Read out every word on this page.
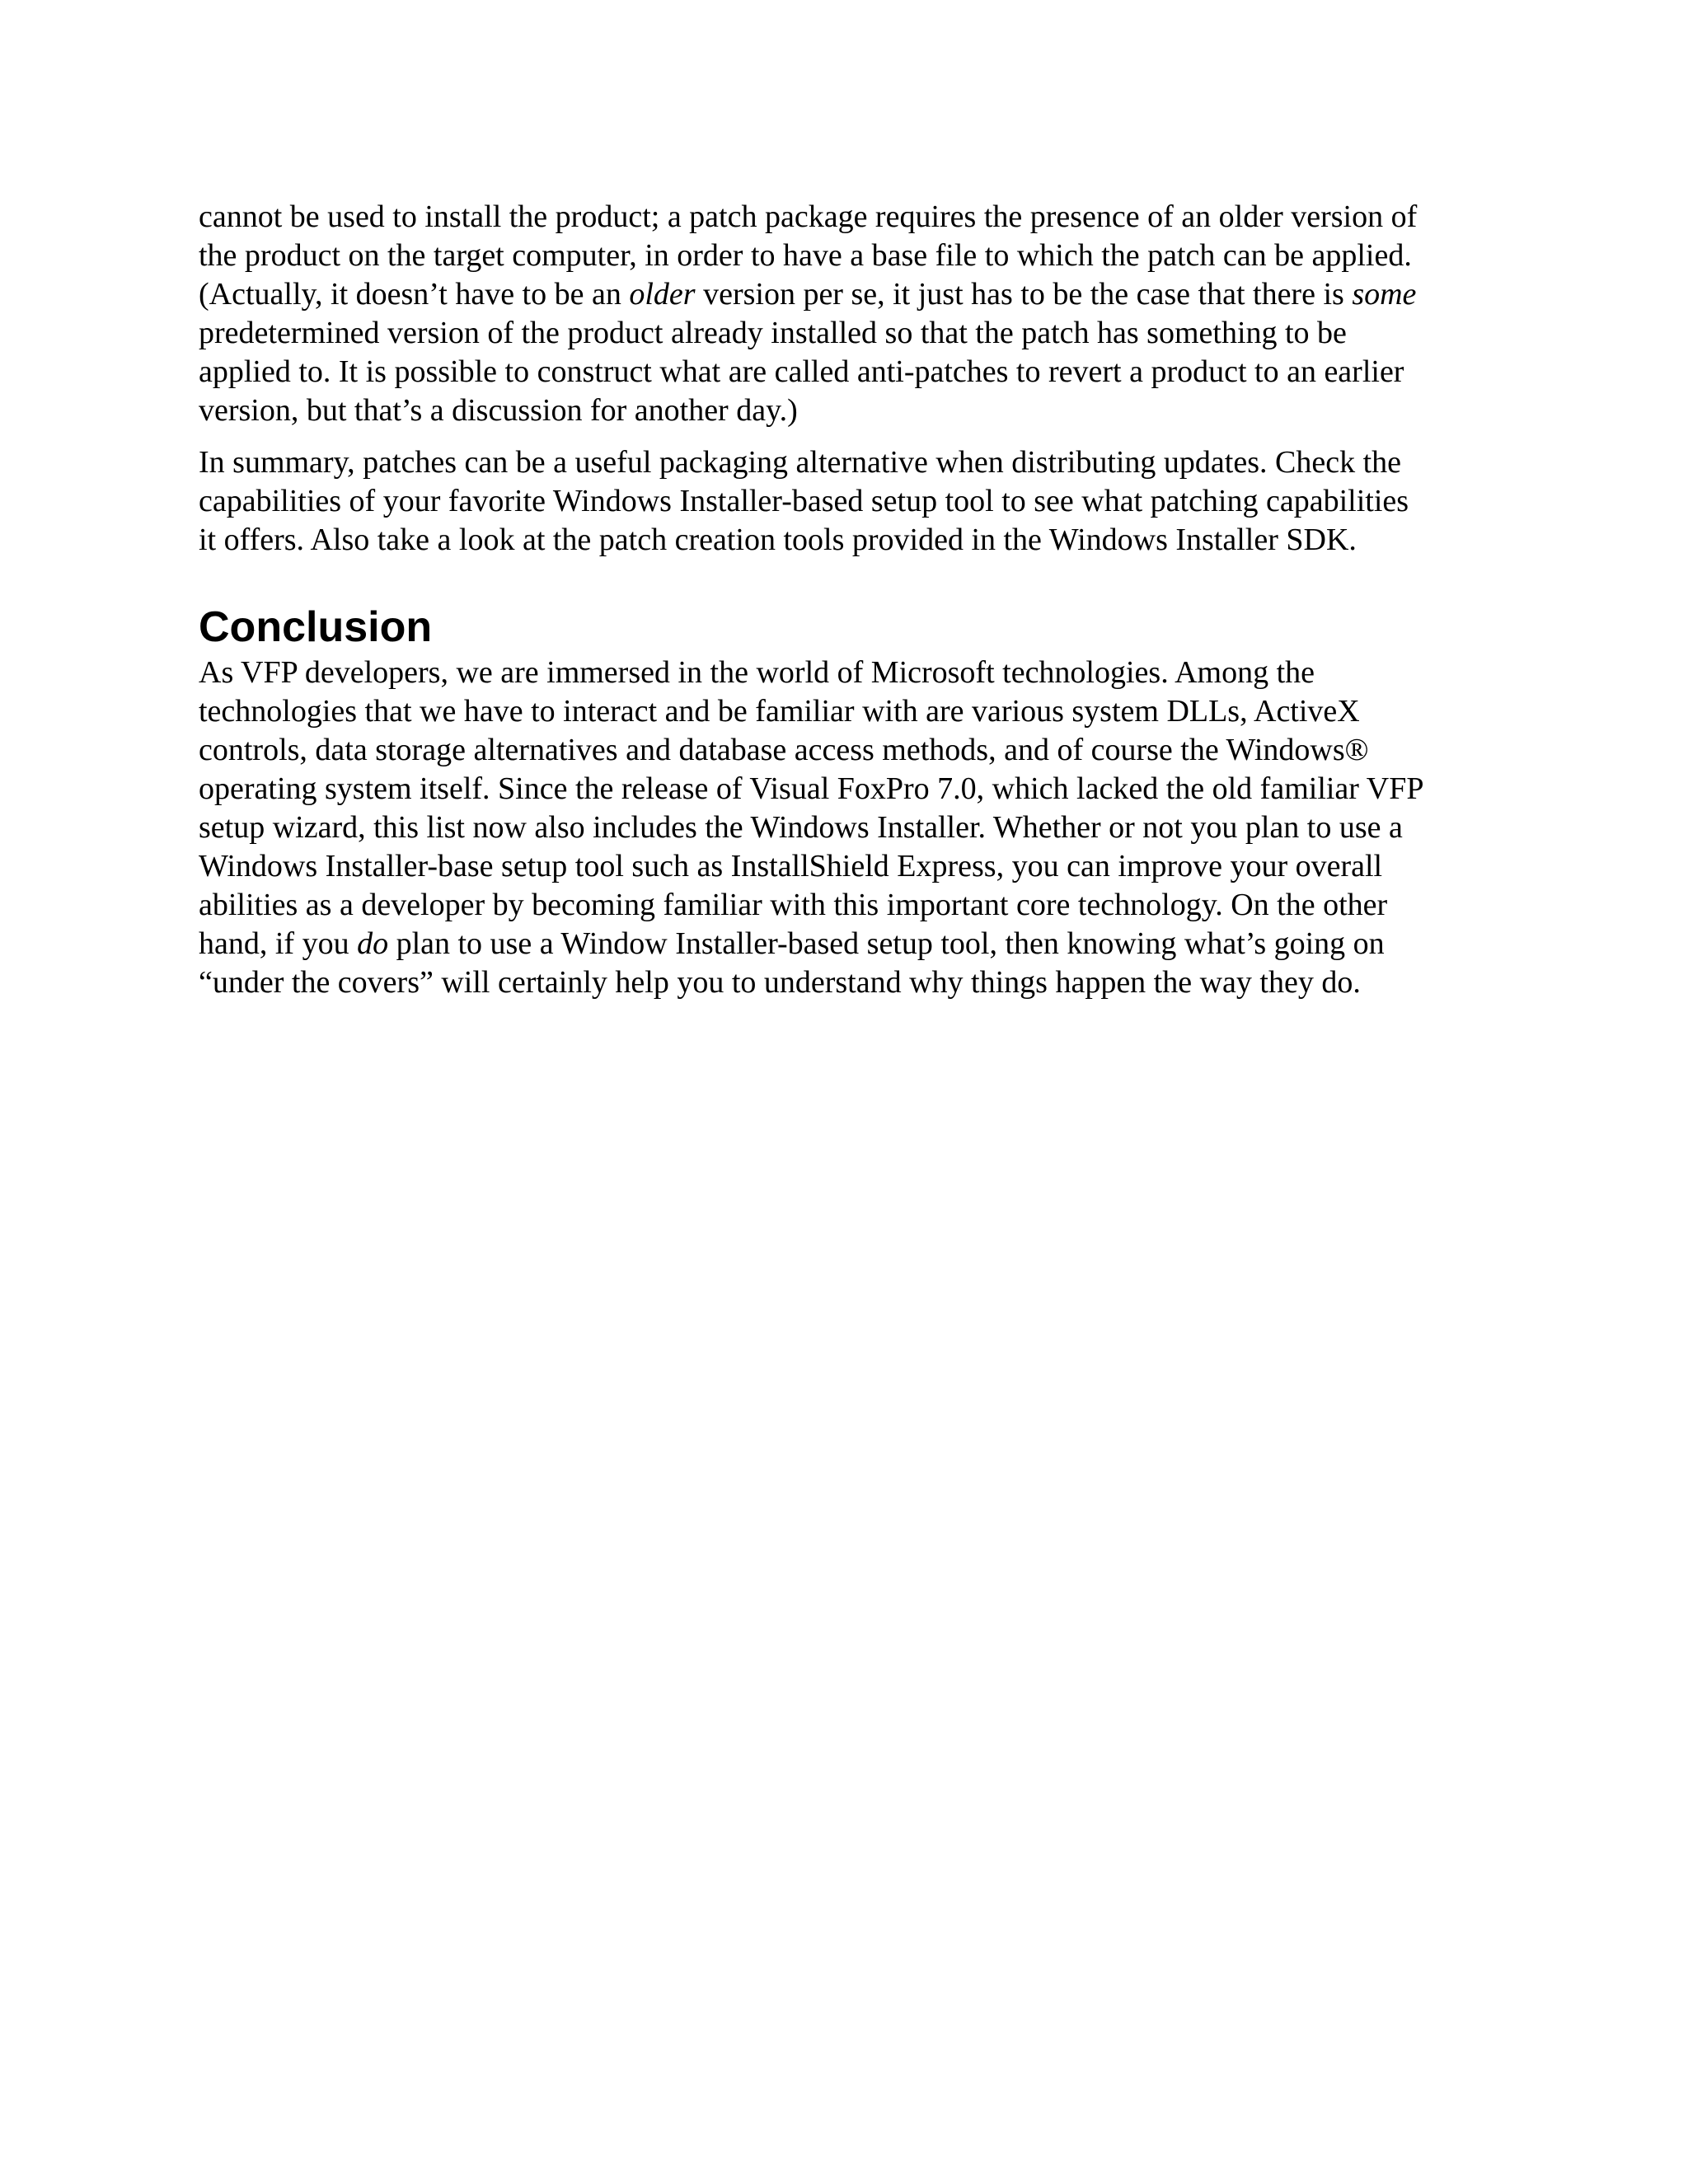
cannot be used to install the product; a patch package requires the presence of an older version of
the product on the target computer, in order to have a base file to which the patch can be applied.
(Actually, it doesn’t have to be an older version per se, it just has to be the case that there is some
predetermined version of the product already installed so that the patch has something to be
applied to. It is possible to construct what are called anti-patches to revert a product to an earlier
version, but that’s a discussion for another day.)

In summary, patches can be a useful packaging alternative when distributing updates. Check the
capabilities of your favorite Windows Installer-based setup tool to see what patching capabilities
it offers. Also take a look at the patch creation tools provided in the Windows Installer SDK.

Conclusion

As VFP developers, we are immersed in the world of Microsoft technologies. Among the
technologies that we have to interact and be familiar with are various system DLLs, ActiveX
controls, data storage alternatives and database access methods, and of course the Windows®
operating system itself. Since the release of Visual FoxPro 7.0, which lacked the old familiar VFP
setup wizard, this list now also includes the Windows Installer. Whether or not you plan to use a
Windows Installer-base setup tool such as InstallShield Express, you can improve your overall
abilities as a developer by becoming familiar with this important core technology. On the other
hand, if you do plan to use a Window Installer-based setup tool, then knowing what’s going on
“under the covers” will certainly help you to understand why things happen the way they do.
